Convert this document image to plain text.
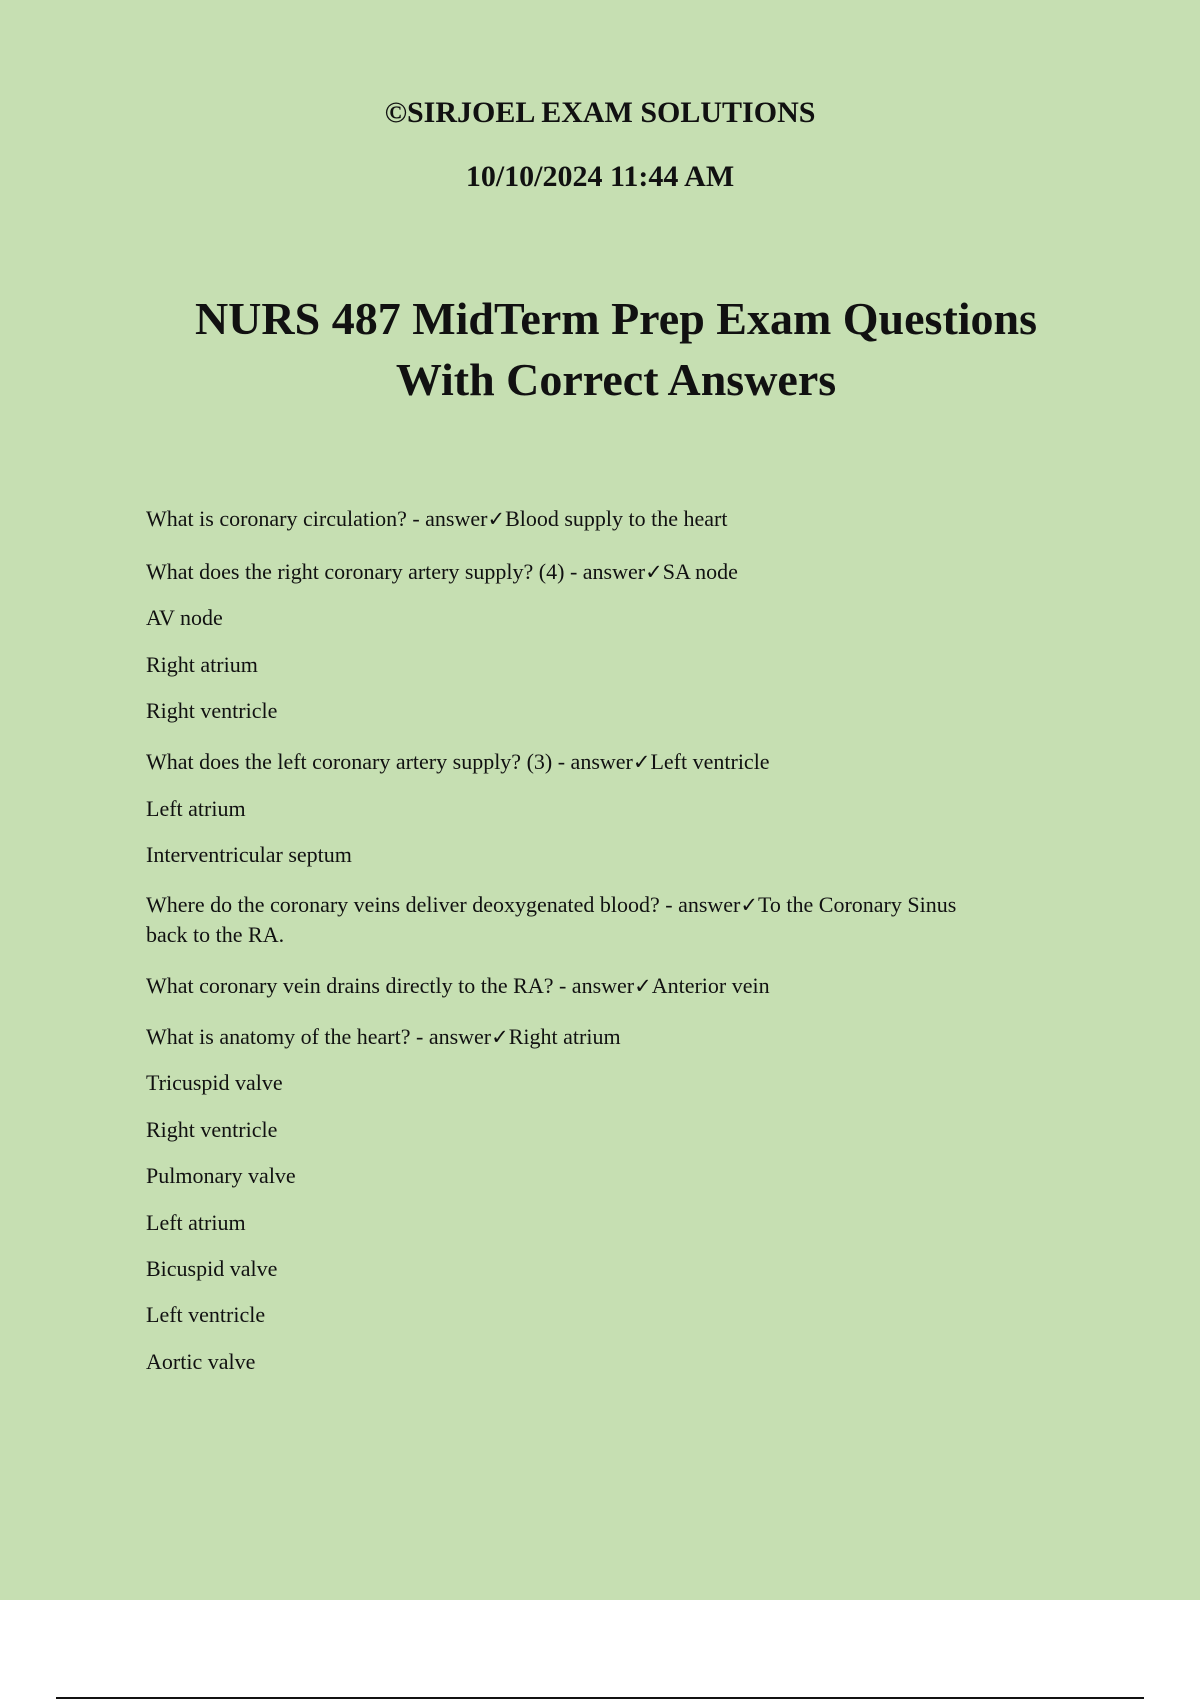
©SIRJOEL EXAM SOLUTIONS
10/10/2024 11:44 AM
NURS 487 MidTerm Prep Exam Questions
With Correct Answers
What is coronary circulation? - answer✓Blood supply to the heart
What does the right coronary artery supply? (4) - answer✓SA node
AV node
Right atrium
Right ventricle
What does the left coronary artery supply? (3) - answer✓Left ventricle
Left atrium
Interventricular septum
Where do the coronary veins deliver deoxygenated blood? - answer✓To the Coronary Sinus
back to the RA.
What coronary vein drains directly to the RA? - answer✓Anterior vein
What is anatomy of the heart? - answer✓Right atrium
Tricuspid valve
Right ventricle
Pulmonary valve
Left atrium
Bicuspid valve
Left ventricle
Aortic valve
